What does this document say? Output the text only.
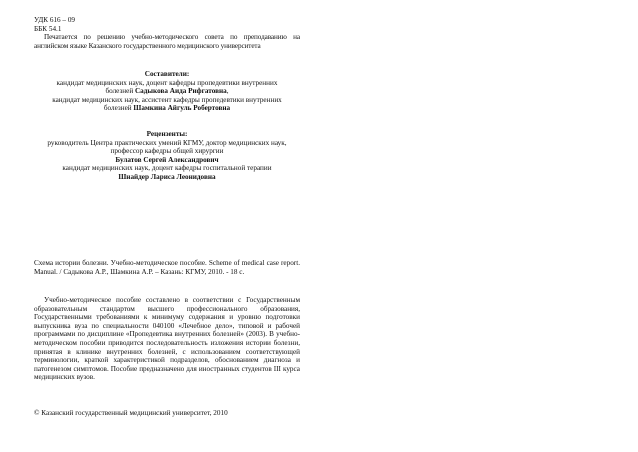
УДК 616 – 09
ББК 54.1
Печатается по решению учебно-методического совета по преподаванию на английском языке Казанского государственного медицинского университета
Составители:
кандидат медицинских наук, доцент кафедры пропедевтики внутренних
болезней Садыкова Аида Рифгатовна,
кандидат медицинских наук, ассистент кафедры пропедевтики внутренних
болезней Шамкина Айгуль Робертовна
Рецензенты:
руководитель Центра практических умений КГМУ, доктор медицинских наук,
профессор кафедры общей хирургии
Булатов Сергей Александрович
кандидат медицинских наук, доцент кафедры госпитальной терапии
Шнайдер Лариса Леонидовна
Схема истории болезни. Учебно-методическое пособие. Scheme of medical case report. Manual. / Садыкова А.Р., Шамкина А.Р. – Казань: КГМУ, 2010. - 18 с.
Учебно-методическое пособие составлено в соответствии с Государственным образовательным стандартом высшего профессионального образования, Государственными требованиями к минимуму содержания и уровню подготовки выпускника вуза по специальности 040100 «Лечебное дело», типовой и рабочей программами по дисциплине «Пропедевтика внутренних болезней» (2003). В учебно-методическом пособии приводится последовательность изложения истории болезни, принятая в клинике внутренних болезней, с использованием соответствующей терминологии, краткой характеристикой подразделов, обоснованием диагноза и патогенезом симптомов. Пособие предназначено для иностранных студентов III курса медицинских вузов.
© Казанский государственный медицинский университет, 2010
